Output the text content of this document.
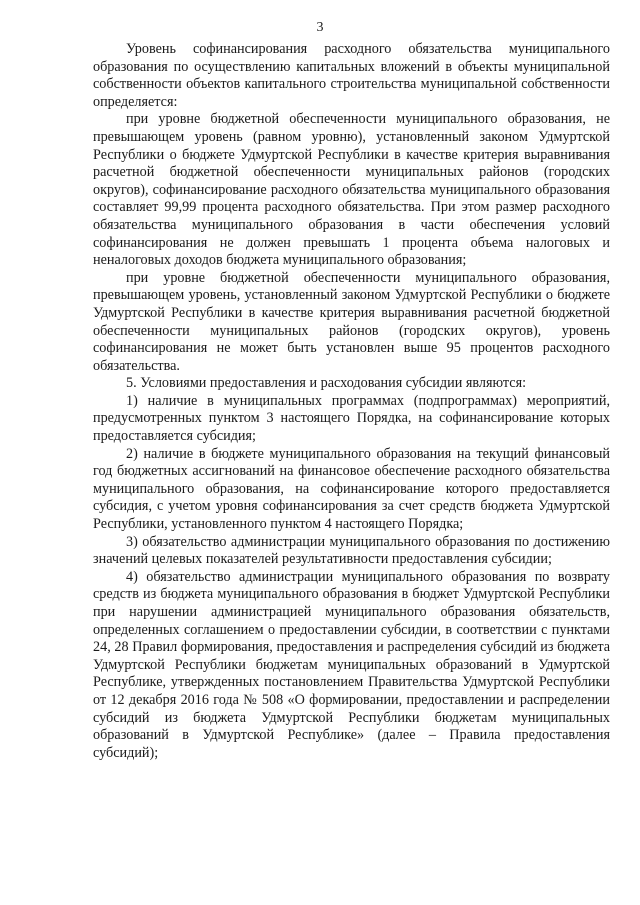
3

Уровень софинансирования расходного обязательства муниципального образования по осуществлению капитальных вложений в объекты муниципальной собственности объектов капитального строительства муниципальной собственности определяется:

при уровне бюджетной обеспеченности муниципального образования, не превышающем уровень (равном уровню), установленный законом Удмуртской Республики о бюджете Удмуртской Республики в качестве критерия выравнивания расчетной бюджетной обеспеченности муниципальных районов (городских округов), софинансирование расходного обязательства муниципального образования составляет 99,99 процента расходного обязательства. При этом размер расходного обязательства муниципального образования в части обеспечения условий софинансирования не должен превышать 1 процента объема налоговых и неналоговых доходов бюджета муниципального образования;

при уровне бюджетной обеспеченности муниципального образования, превышающем уровень, установленный законом Удмуртской Республики о бюджете Удмуртской Республики в качестве критерия выравнивания расчетной бюджетной обеспеченности муниципальных районов (городских округов), уровень софинансирования не может быть установлен выше 95 процентов расходного обязательства.

5. Условиями предоставления и расходования субсидии являются:

1) наличие в муниципальных программах (подпрограммах) мероприятий, предусмотренных пунктом 3 настоящего Порядка, на софинансирование которых предоставляется субсидия;

2) наличие в бюджете муниципального образования на текущий финансовый год бюджетных ассигнований на финансовое обеспечение расходного обязательства муниципального образования, на софинансирование которого предоставляется субсидия, с учетом уровня софинансирования за счет средств бюджета Удмуртской Республики, установленного пунктом 4 настоящего Порядка;

3) обязательство администрации муниципального образования по достижению значений целевых показателей результативности предоставления субсидии;

4) обязательство администрации муниципального образования по возврату средств из бюджета муниципального образования в бюджет Удмуртской Республики при нарушении администрацией муниципального образования обязательств, определенных соглашением о предоставлении субсидии, в соответствии с пунктами 24, 28 Правил формирования, предоставления и распределения субсидий из бюджета Удмуртской Республики бюджетам муниципальных образований в Удмуртской Республике, утвержденных постановлением Правительства Удмуртской Республики от 12 декабря 2016 года № 508 «О формировании, предоставлении и распределении субсидий из бюджета Удмуртской Республики бюджетам муниципальных образований в Удмуртской Республике» (далее – Правила предоставления субсидий);
